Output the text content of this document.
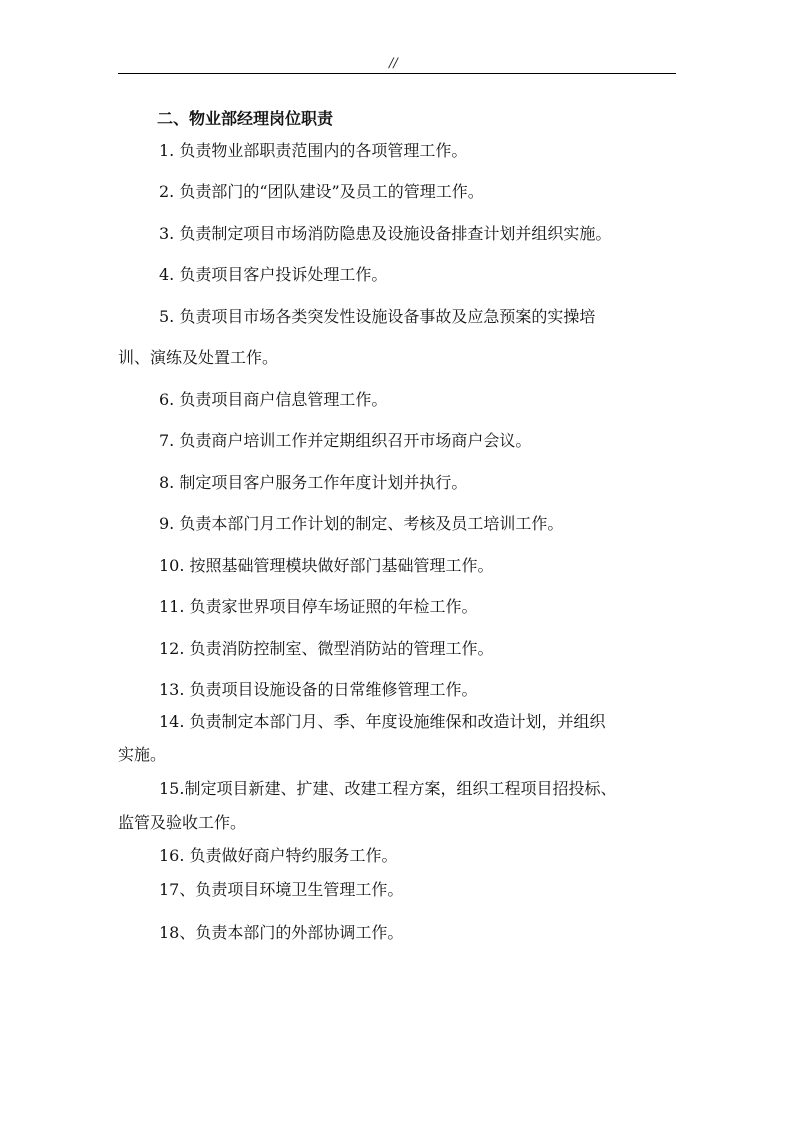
//
二、物业部经理岗位职责
1. 负责物业部职责范围内的各项管理工作。
2. 负责部门的“团队建设”及员工的管理工作。
3. 负责制定项目市场消防隐患及设施设备排查计划并组织实施。
4. 负责项目客户投诉处理工作。
5. 负责项目市场各类突发性设施设备事故及应急预案的实操培
训、演练及处置工作。
6. 负责项目商户信息管理工作。
7. 负责商户培训工作并定期组织召开市场商户会议。
8. 制定项目客户服务工作年度计划并执行。
9. 负责本部门月工作计划的制定、考核及员工培训工作。
10. 按照基础管理模块做好部门基础管理工作。
11. 负责家世界项目停车场证照的年检工作。
12. 负责消防控制室、微型消防站的管理工作。
13. 负责项目设施设备的日常维修管理工作。
14. 负责制定本部门月、季、年度设施维保和改造计划，并组织
实施。
15.制定项目新建、扩建、改建工程方案，组织工程项目招投标、
监管及验收工作。
16. 负责做好商户特约服务工作。
17、负责项目环境卫生管理工作。
18、负责本部门的外部协调工作。
